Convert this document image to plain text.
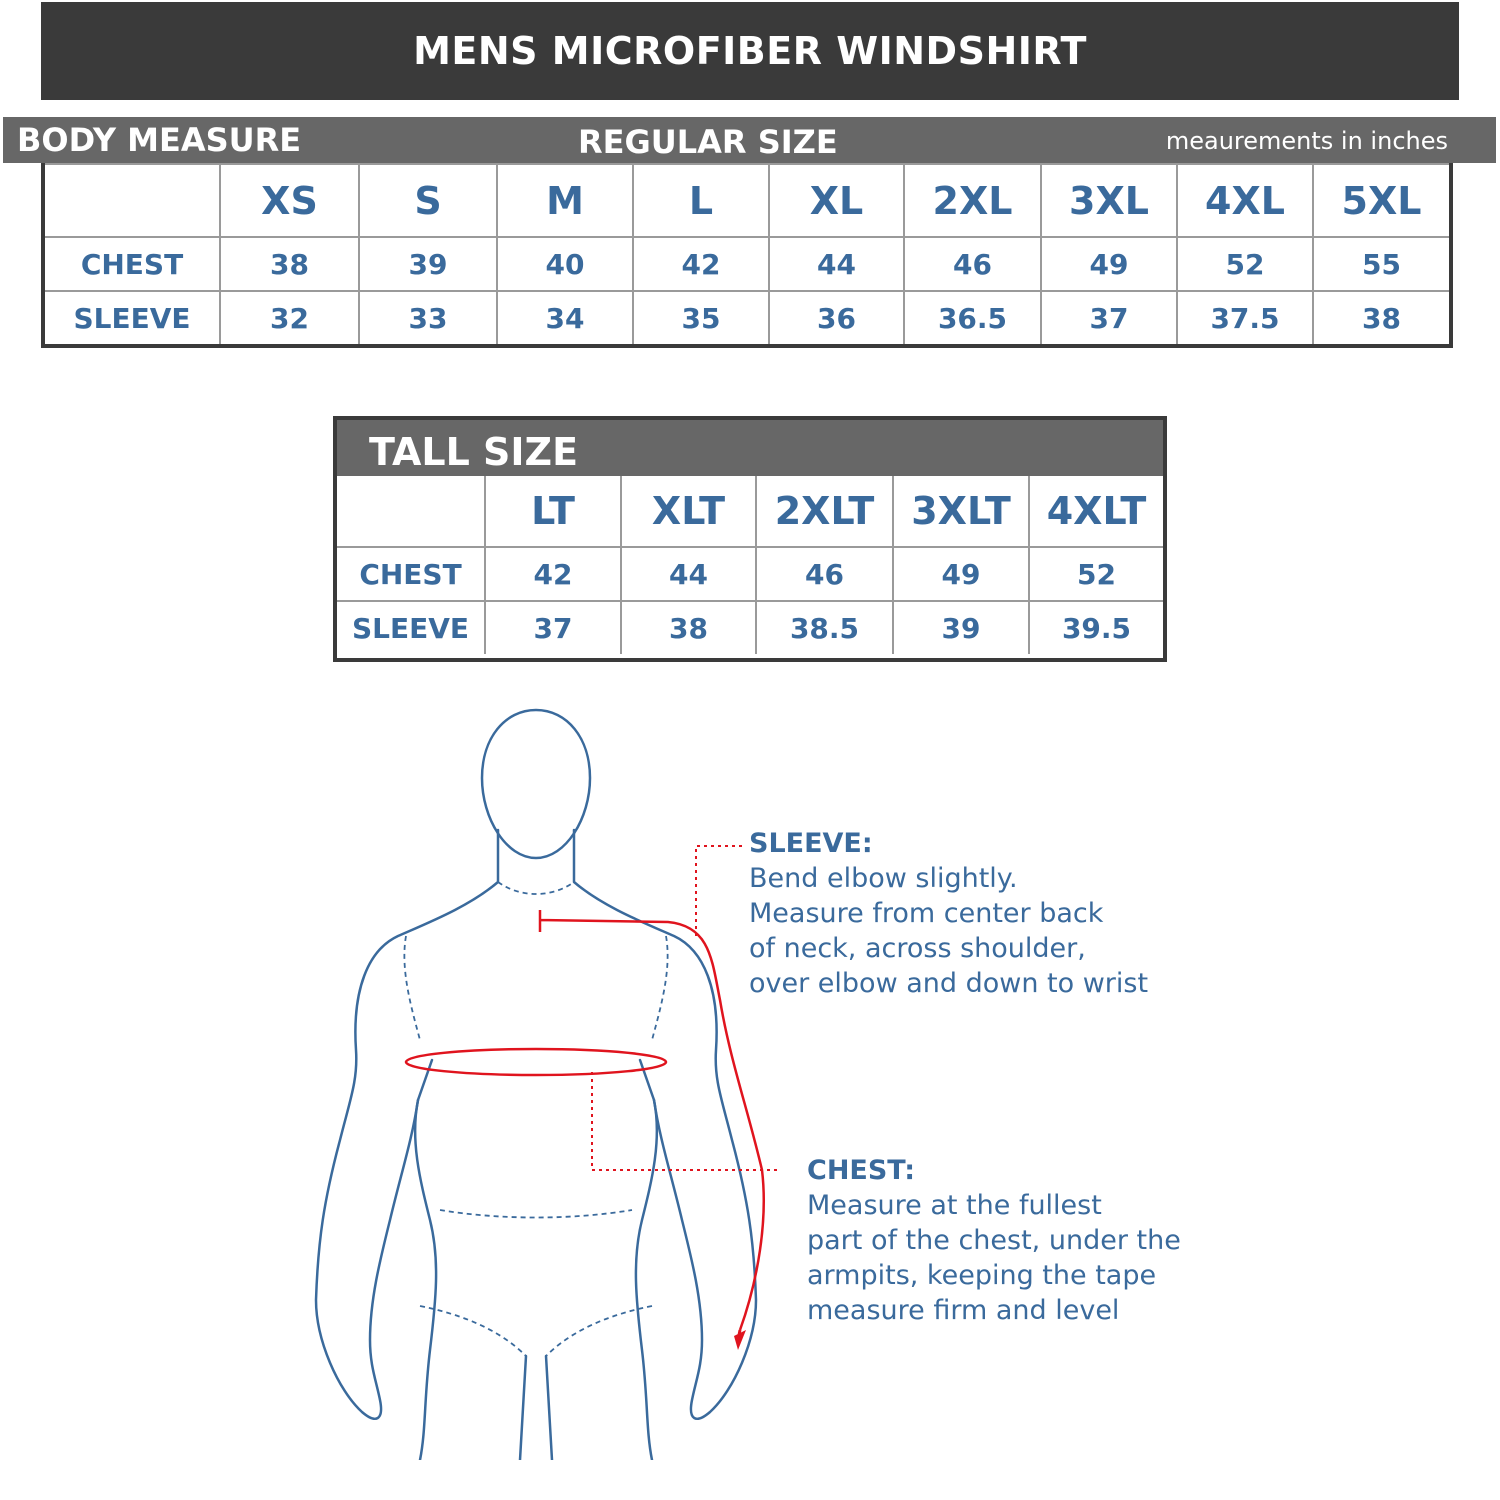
MENS MICROFIBER WINDSHIRT
BODY MEASURE	REGULAR SIZE	meaurements in inches
	XS	S	M	L	XL	2XL	3XL	4XL	5XL
CHEST	38	39	40	42	44	46	49	52	55
SLEEVE	32	33	34	35	36	36.5	37	37.5	38
TALL SIZE
	LT	XLT	2XLT	3XLT	4XLT
CHEST	42	44	46	49	52
SLEEVE	37	38	38.5	39	39.5
SLEEVE:
Bend elbow slightly.
Measure from center back
of neck, across shoulder,
over elbow and down to wrist
CHEST:
Measure at the fullest
part of the chest, under the
armpits, keeping the tape
measure firm and level
